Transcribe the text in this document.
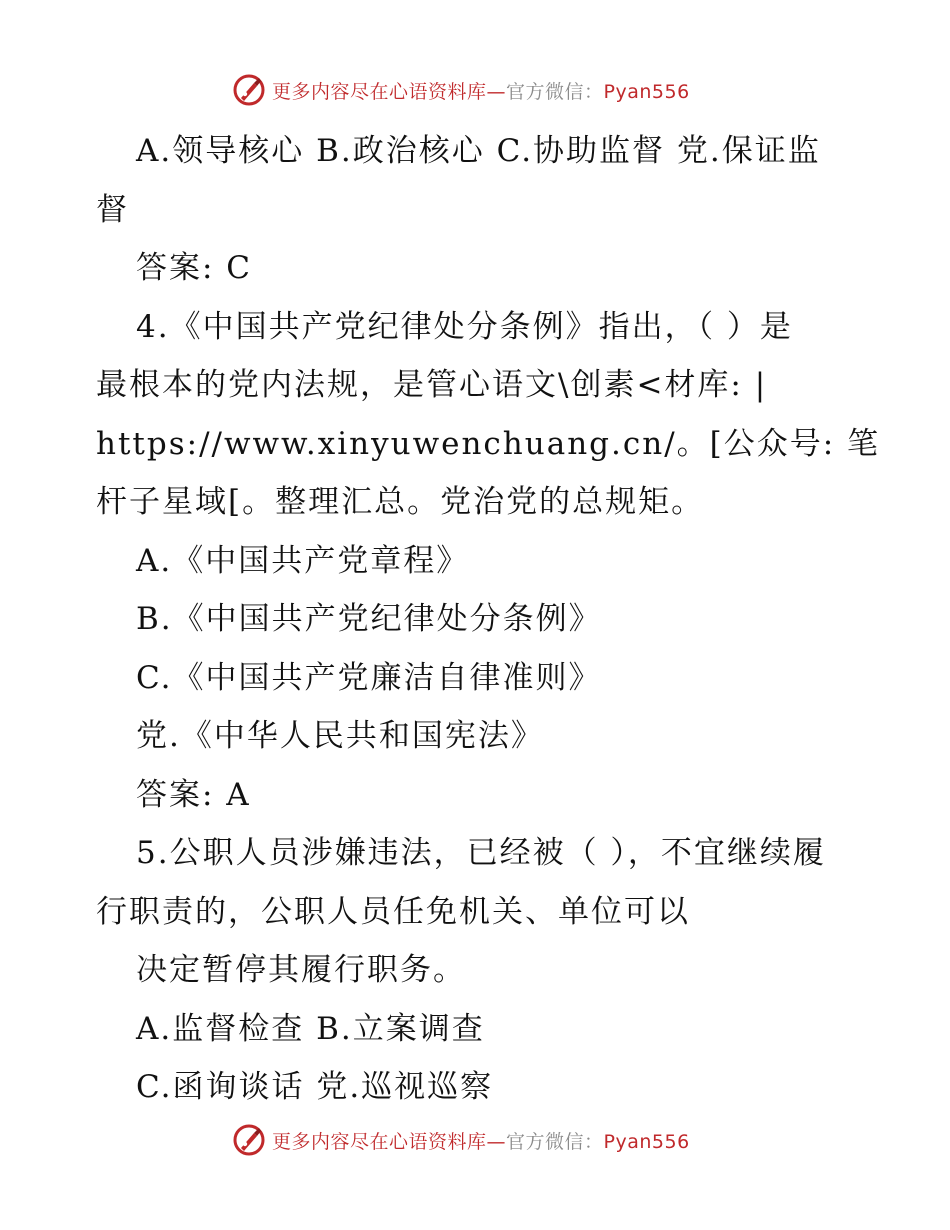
更多内容尽在心语资料库—官方微信：Pyan556
A.领导核心 B.政治核心 C.协助监督 党.保证监
督
答案: C
4.《中国共产党纪律处分条例》指出，（ ）是
最根本的党内法规，是管心语文\创素<材库: |
https://www.xinyuwenchuang.cn/。[公众号: 笔
杆子星域[。整理汇总。党治党的总规矩。
A.《中国共产党章程》
B.《中国共产党纪律处分条例》
C.《中国共产党廉洁自律准则》
党.《中华人民共和国宪法》
答案: A
5.公职人员涉嫌违法，已经被（ ），不宜继续履
行职责的，公职人员任免机关、单位可以
决定暂停其履行职务。
A.监督检查 B.立案调查
C.函询谈话 党.巡视巡察
更多内容尽在心语资料库—官方微信：Pyan556
